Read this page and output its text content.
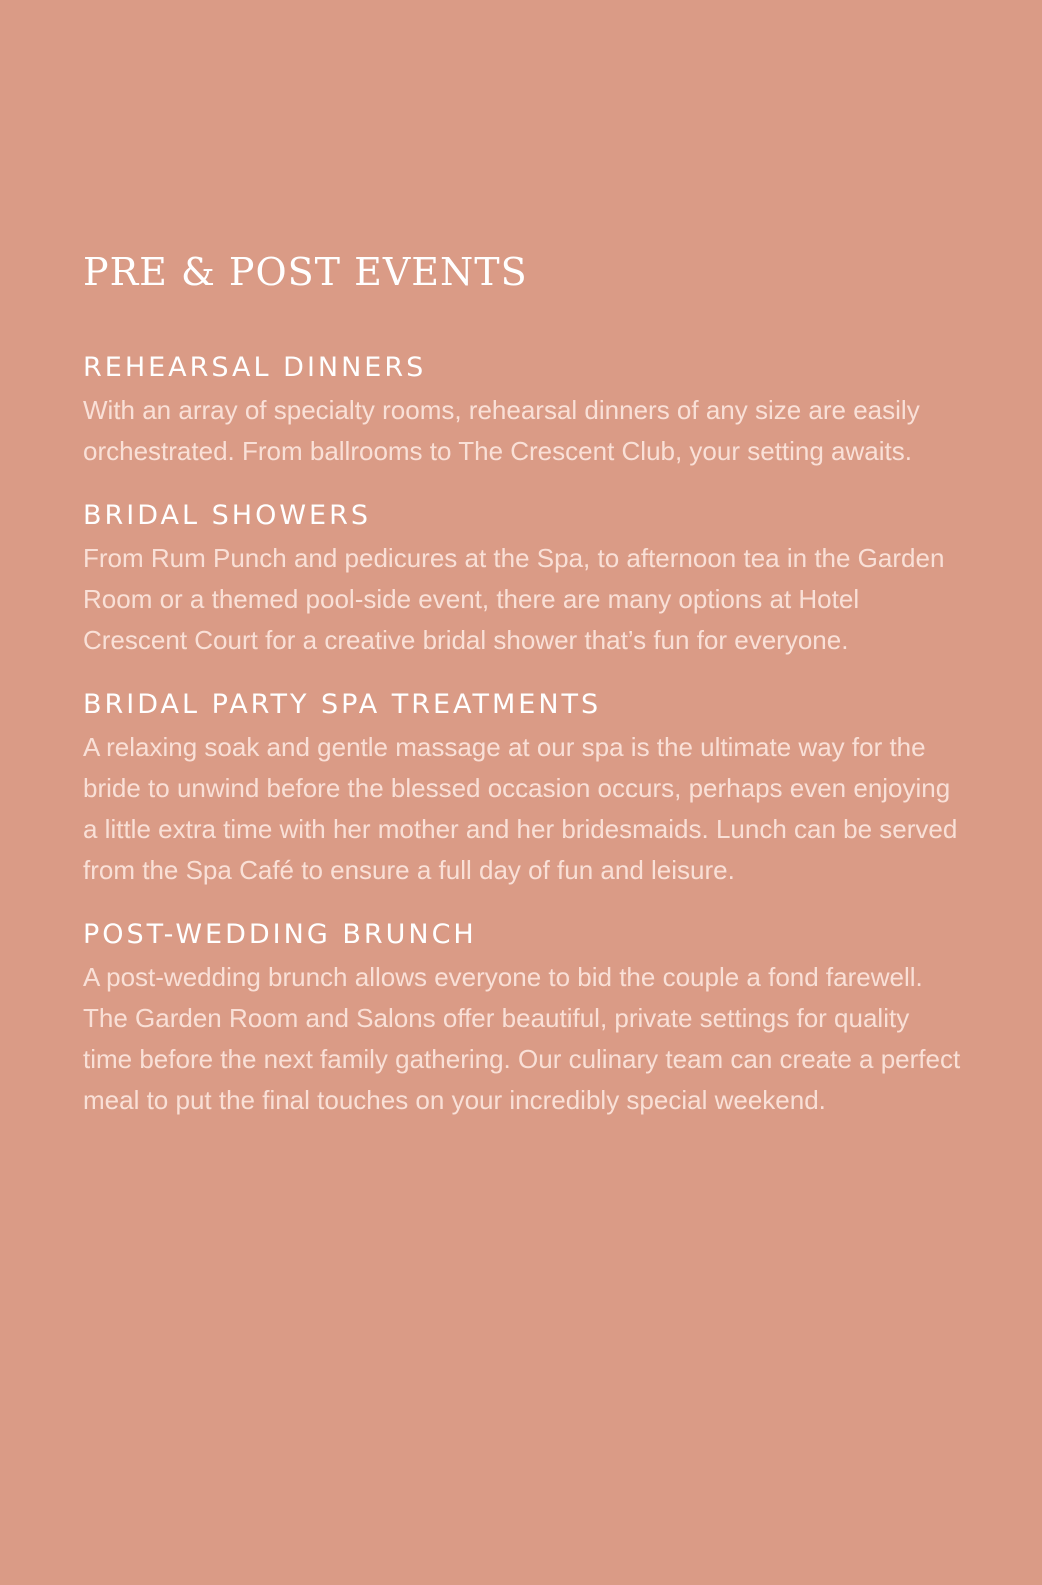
PRE & POST EVENTS
REHEARSAL DINNERS

With an array of specialty rooms, rehearsal dinners of any size are easily orchestrated. From ballrooms to The Crescent Club, your setting awaits.

BRIDAL SHOWERS

From Rum Punch and pedicures at the Spa, to afternoon tea in the Garden Room or a themed pool-side event, there are many options at Hotel Crescent Court for a creative bridal shower that’s fun for everyone.

BRIDAL PARTY SPA TREATMENTS

A relaxing soak and gentle massage at our spa is the ultimate way for the bride to unwind before the blessed occasion occurs, perhaps even enjoying a little extra time with her mother and her bridesmaids. Lunch can be served from the Spa Café to ensure a full day of fun and leisure.

POST-WEDDING BRUNCH

A post-wedding brunch allows everyone to bid the couple a fond farewell. The Garden Room and Salons offer beautiful, private settings for quality time before the next family gathering. Our culinary team can create a perfect meal to put the final touches on your incredibly special weekend.
